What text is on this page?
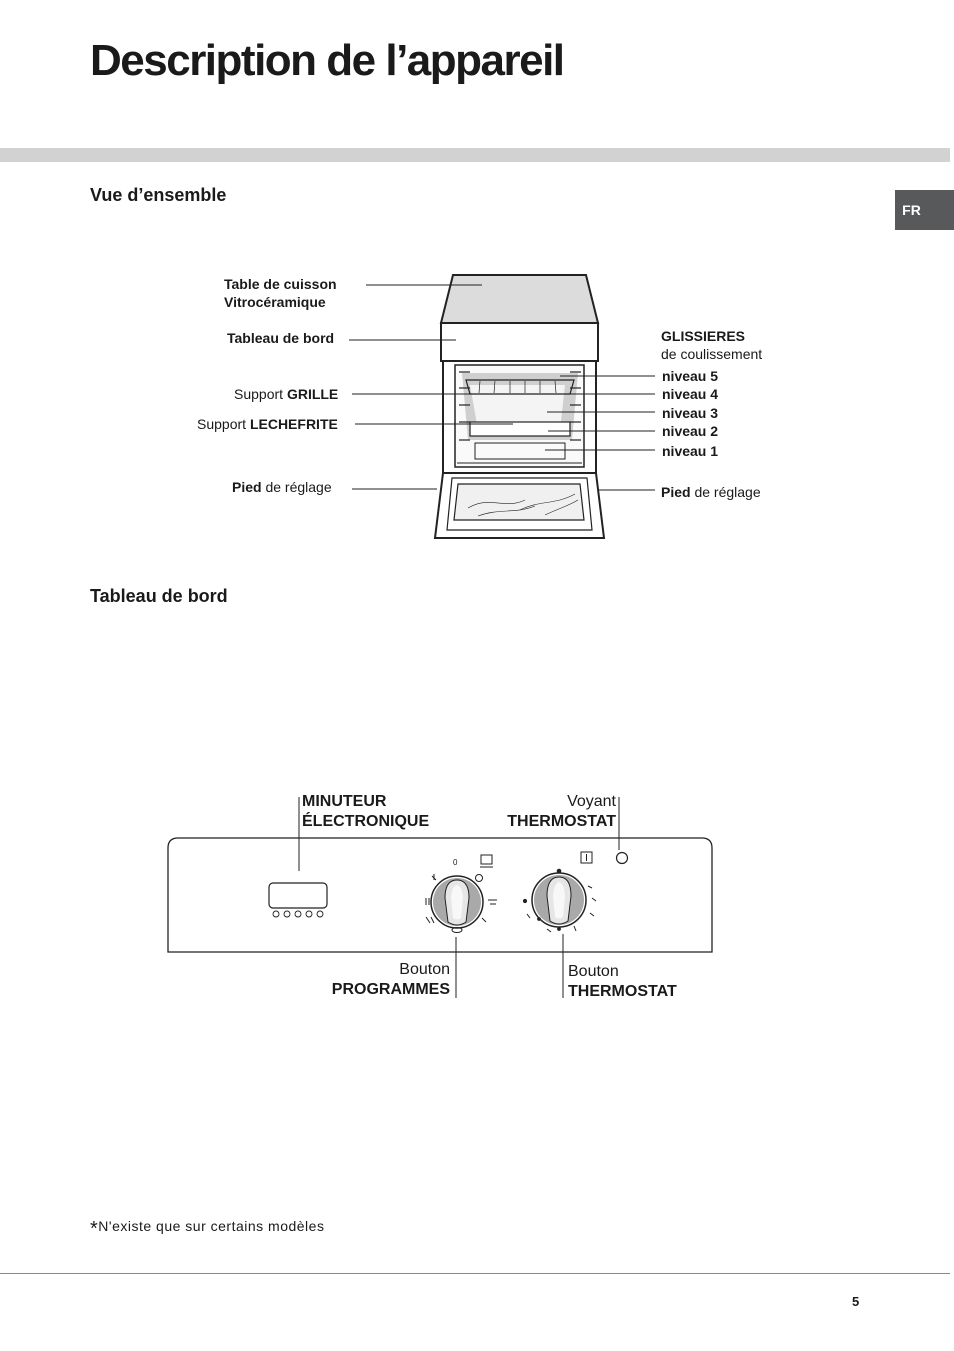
Description de l’appareil
FR
Vue d’ensemble
Table de cuisson
Vitrocéramique
Tableau de bord
Support GRILLE
Support LECHEFRITE
Pied de réglage
GLISSIERES
de coulissement
niveau 5
niveau 4
niveau 3
niveau 2
niveau 1
Pied de réglage
Tableau de bord
MINUTEUR
ÉLECTRONIQUE
Voyant
THERMOSTAT
Bouton
PROGRAMMES
Bouton
THERMOSTAT
0
*N'existe que sur certains modèles
5
